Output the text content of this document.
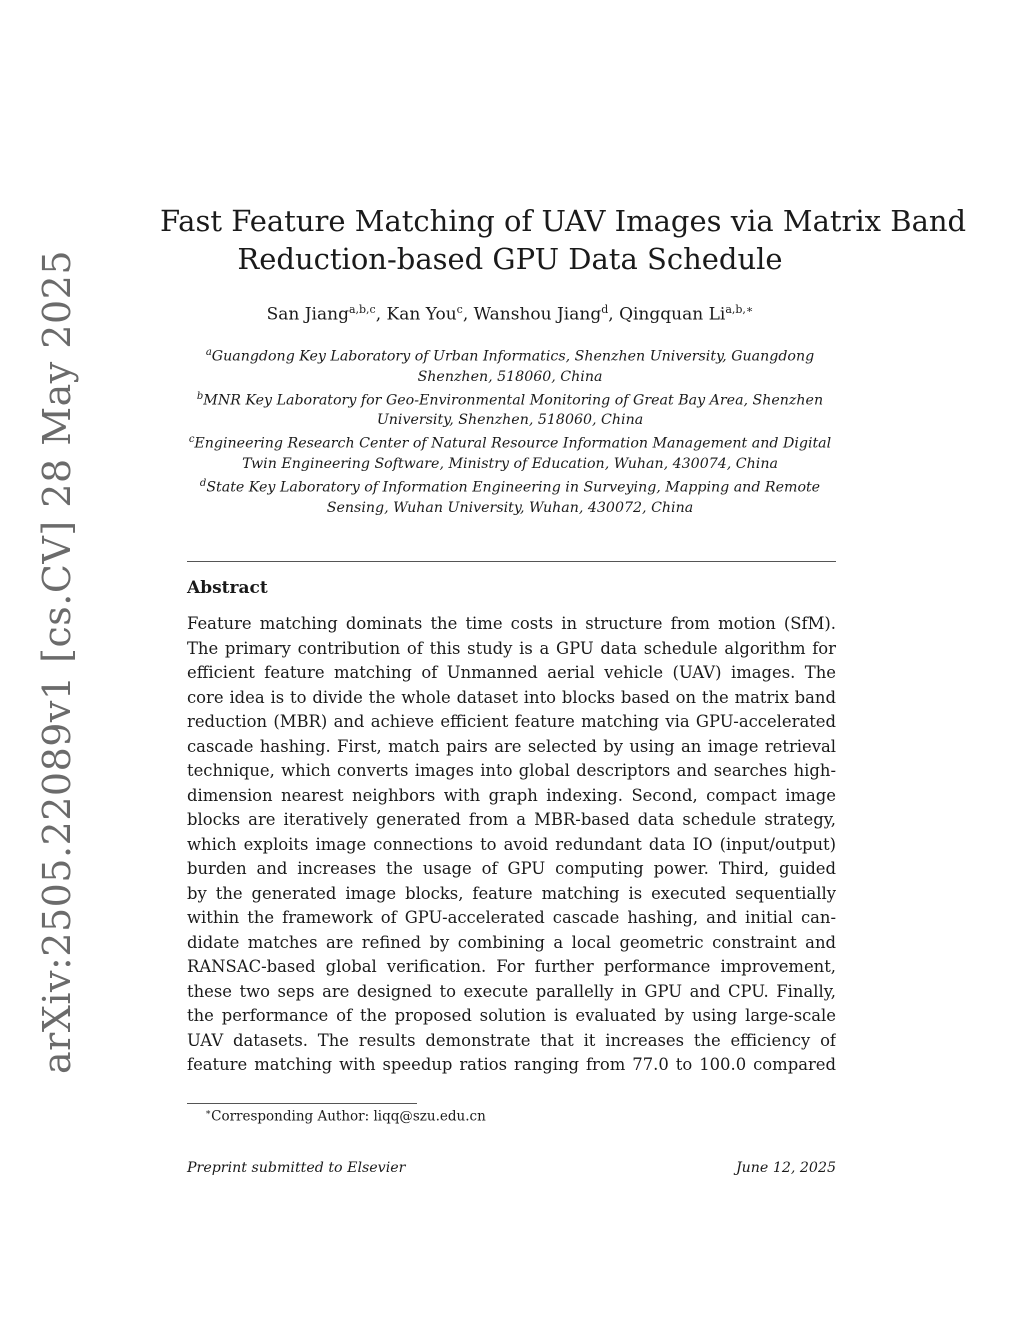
arXiv:2505.22089v1 [cs.CV] 28 May 2025
Fast Feature Matching of UAV Images via Matrix Band
Reduction-based GPU Data Schedule
San Jiang$^{a,b,c}$, Kan You$^c$, Wanshou Jiang$^d$, Qingquan $Li^{a,b,∗}$
$^a$Guangdong Key Laboratory of Urban Informatics, Shenzhen University, Guangdong
Shenzhen, 518060, China
$^b$MNR Key Laboratory for Geo-Environmental Monitoring of Great Bay Area, Shenzhen
University, Shenzhen, 518060, China
$^c$Engineering Research Center of Natural Resource Information Management and Digital
Twin Engineering Software, Ministry of Education, Wuhan, 430074, China
$^d$State Key Laboratory of Information Engineering in Surveying, Mapping and Remote
Sensing, Wuhan University, Wuhan, 430072, China
Abstract
Feature matching dominats the time costs in structure from motion (SfM).
The primary contribution of this study is a GPU data schedule algorithm for
efficient feature matching of Unmanned aerial vehicle (UAV) images. The
core idea is to divide the whole dataset into blocks based on the matrix band
reduction (MBR) and achieve efficient feature matching via GPU-accelerated
cascade hashing. First, match pairs are selected by using an image retrieval
technique, which converts images into global descriptors and searches high-
dimension nearest neighbors with graph indexing. Second, compact image
blocks are iteratively generated from a MBR-based data schedule strategy,
which exploits image connections to avoid redundant data IO (input/output)
burden and increases the usage of GPU computing power. Third, guided
by the generated image blocks, feature matching is executed sequentially
within the framework of GPU-accelerated cascade hashing, and initial can-
didate matches are refined by combining a local geometric constraint and
RANSAC-based global verification. For further performance improvement,
these two seps are designed to execute parallelly in GPU and CPU. Finally,
the performance of the proposed solution is evaluated by using large-scale
UAV datasets. The results demonstrate that it increases the efficiency of
feature matching with speedup ratios ranging from 77.0 to 100.0 compared
∗Corresponding Author: liqq@szu.edu.cn
Preprint submitted to Elsevier	June 12, 2025
